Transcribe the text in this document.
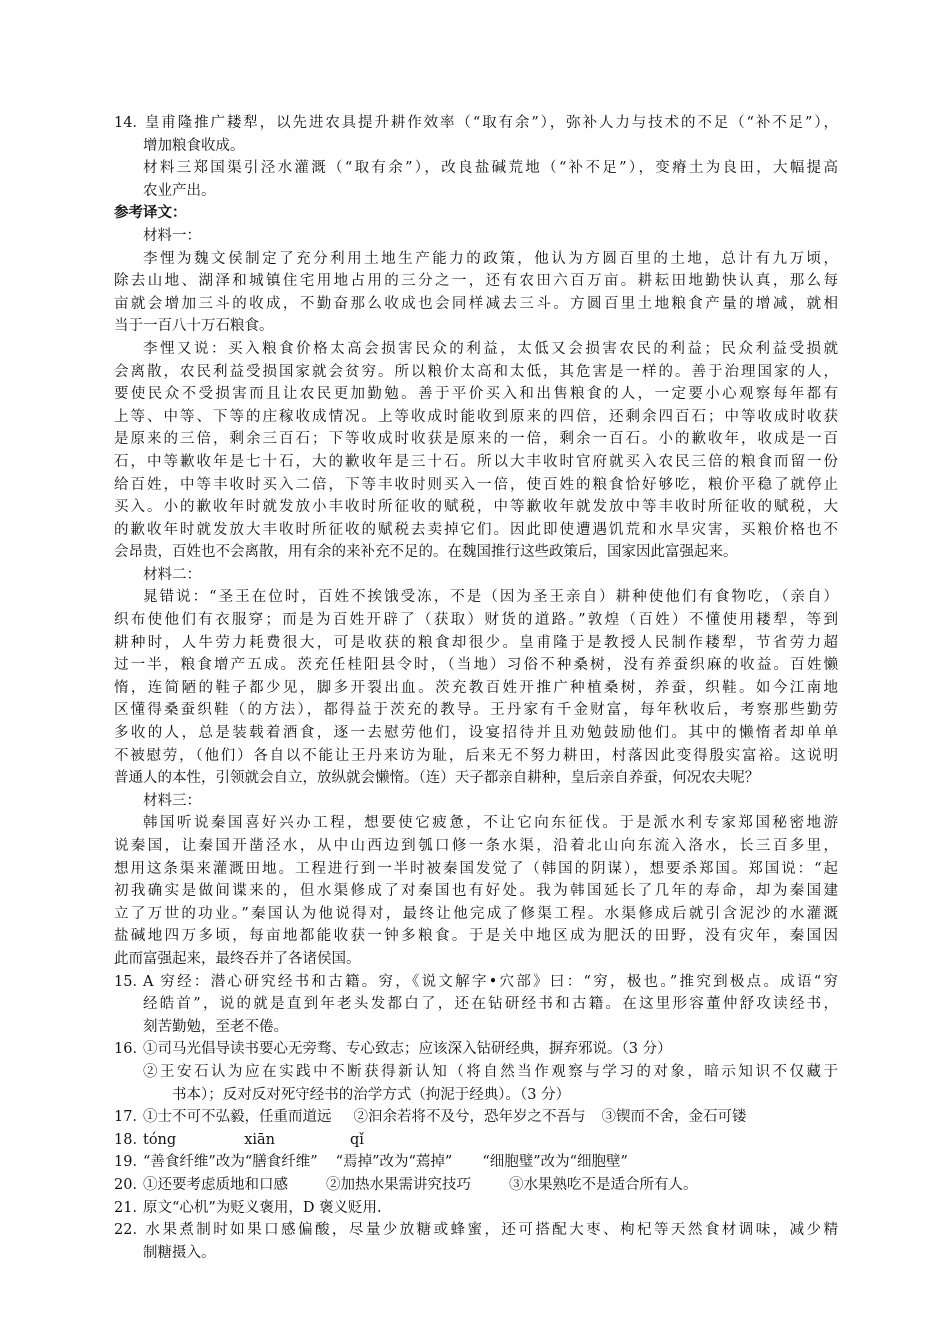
14．皇甫隆推广耧犁，以先进农具提升耕作效率（“取有余”），弥补人力与技术的不足（“补不足”），
增加粮食收成。
材料三郑国渠引泾水灌溉（“取有余”），改良盐碱荒地（“补不足”），变瘠土为良田，大幅提高
农业产出。
参考译文：
材料一：
李悝为魏文侯制定了充分利用土地生产能力的政策，他认为方圆百里的土地，总计有九万顷，
除去山地、湖泽和城镇住宅用地占用的三分之一，还有农田六百万亩。耕耘田地勤快认真，那么每
亩就会增加三斗的收成，不勤奋那么收成也会同样减去三斗。方圆百里土地粮食产量的增减，就相
当于一百八十万石粮食。
李悝又说：买入粮食价格太高会损害民众的利益，太低又会损害农民的利益；民众利益受损就
会离散，农民利益受损国家就会贫穷。所以粮价太高和太低，其危害是一样的。善于治理国家的人，
要使民众不受损害而且让农民更加勤勉。善于平价买入和出售粮食的人，一定要小心观察每年都有
上等、中等、下等的庄稼收成情况。上等收成时能收到原来的四倍，还剩余四百石；中等收成时收获
是原来的三倍，剩余三百石；下等收成时收获是原来的一倍，剩余一百石。小的歉收年，收成是一百
石，中等歉收年是七十石，大的歉收年是三十石。所以大丰收时官府就买入农民三倍的粮食而留一份
给百姓，中等丰收时买入二倍，下等丰收时则买入一倍，使百姓的粮食恰好够吃，粮价平稳了就停止
买入。小的歉收年时就发放小丰收时所征收的赋税，中等歉收年就发放中等丰收时所征收的赋税，大
的歉收年时就发放大丰收时所征收的赋税去卖掉它们。因此即使遭遇饥荒和水旱灾害，买粮价格也不
会昂贵，百姓也不会离散，用有余的来补充不足的。在魏国推行这些政策后，国家因此富强起来。
材料二：
晁错说：“圣王在位时，百姓不挨饿受冻，不是（因为圣王亲自）耕种使他们有食物吃，（亲自）
织布使他们有衣服穿；而是为百姓开辟了（获取）财货的道路。”敦煌（百姓）不懂使用耧犁，等到
耕种时，人牛劳力耗费很大，可是收获的粮食却很少。皇甫隆于是教授人民制作耧犁，节省劳力超
过一半，粮食增产五成。茨充任桂阳县令时，（当地）习俗不种桑树，没有养蚕织麻的收益。百姓懒
惰，连简陋的鞋子都少见，脚多开裂出血。茨充教百姓开推广种植桑树，养蚕，织鞋。如今江南地
区懂得桑蚕织鞋（的方法），都得益于茨充的教导。王丹家有千金财富，每年秋收后，考察那些勤劳
多收的人，总是装载着酒食，逐一去慰劳他们，设宴招待并且劝勉鼓励他们。其中的懒惰者却单单
不被慰劳，（他们）各自以不能让王丹来访为耻，后来无不努力耕田，村落因此变得殷实富裕。这说明
普通人的本性，引领就会自立，放纵就会懒惰。（连）天子都亲自耕种，皇后亲自养蚕，何况农夫呢？
材料三：
韩国听说秦国喜好兴办工程，想要使它疲惫，不让它向东征伐。于是派水利专家郑国秘密地游
说秦国，让秦国开凿泾水，从中山西边到瓠口修一条水渠，沿着北山向东流入洛水，长三百多里，
想用这条渠来灌溉田地。工程进行到一半时被秦国发觉了（韩国的阴谋），想要杀郑国。郑国说：“起
初我确实是做间谍来的，但水渠修成了对秦国也有好处。我为韩国延长了几年的寿命，却为秦国建
立了万世的功业。”秦国认为他说得对，最终让他完成了修渠工程。水渠修成后就引含泥沙的水灌溉
盐碱地四万多顷，每亩地都能收获一钟多粮食。于是关中地区成为肥沃的田野，没有灾年，秦国因
此而富强起来，最终吞并了各诸侯国。
15．A 穷经：潜心研究经书和古籍。穷，《说文解字•穴部》曰：“穷，极也。”推究到极点。成语“穷
经皓首”，说的就是直到年老头发都白了，还在钻研经书和古籍。在这里形容董仲舒攻读经书，
刻苦勤勉，至老不倦。
16．①司马光倡导读书要心无旁骛、专心致志；应该深入钻研经典，摒弃邪说。（3 分）
②王安石认为应在实践中不断获得新认知（将自然当作观察与学习的对象，暗示知识不仅藏于
书本）；反对反对死守经书的治学方式（拘泥于经典）。（3 分）
17．①士不可不弘毅，任重而道远 ②汩余若将不及兮，恐年岁之不吾与 ③锲而不舍，金石可镂
18．tóng	xiān	qǐ
19．“善食纤维”改为“膳食纤维” “焉掉”改为“蔫掉” “细胞璧”改为“细胞壁”
20．①还要考虑质地和口感	②加热水果需讲究技巧	③水果熟吃不是适合所有人。
21．原文“心机”为贬义褒用，D 褒义贬用.
22．水果煮制时如果口感偏酸，尽量少放糖或蜂蜜，还可搭配大枣、枸杞等天然食材调味，减少精
制糖摄入。
